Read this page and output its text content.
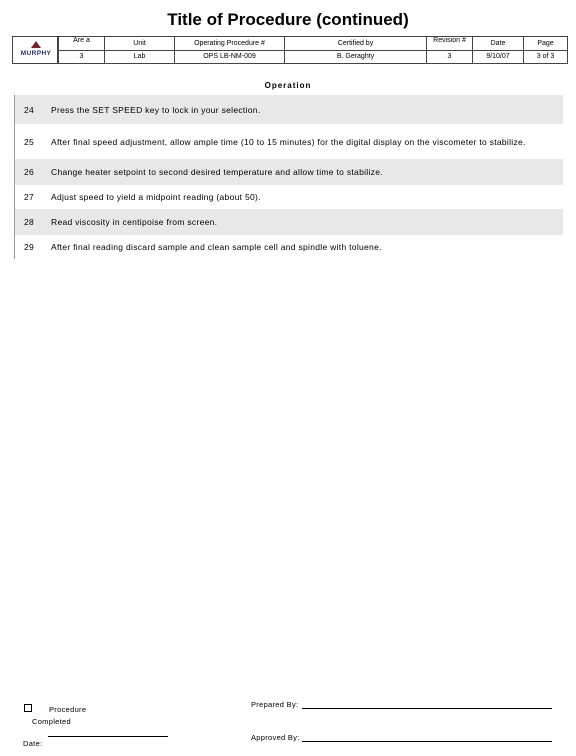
Title of Procedure (continued)
MURPHY
Are a	Unit	Operating Procedure #	Certified by	Revision #	Date	Page
3	Lab	OPS LB-NM-009	B. Geraghty	3	9/10/07	3 of 3
Operation
24	Press the SET SPEED key to lock in your selection.
25	After final speed adjustment, allow ample time (10 to 15 minutes) for the digital display on the viscometer to stabilize.
26	Change heater setpoint to second desired temperature and allow time to stabilize.
27	Adjust speed to yield a midpoint reading (about 50).
28	Read viscosity in centipoise from screen.
29	After final reading discard sample and clean sample cell and spindle with toluene.
Procedure
Completed
Date:
Prepared By:
Approved By:
